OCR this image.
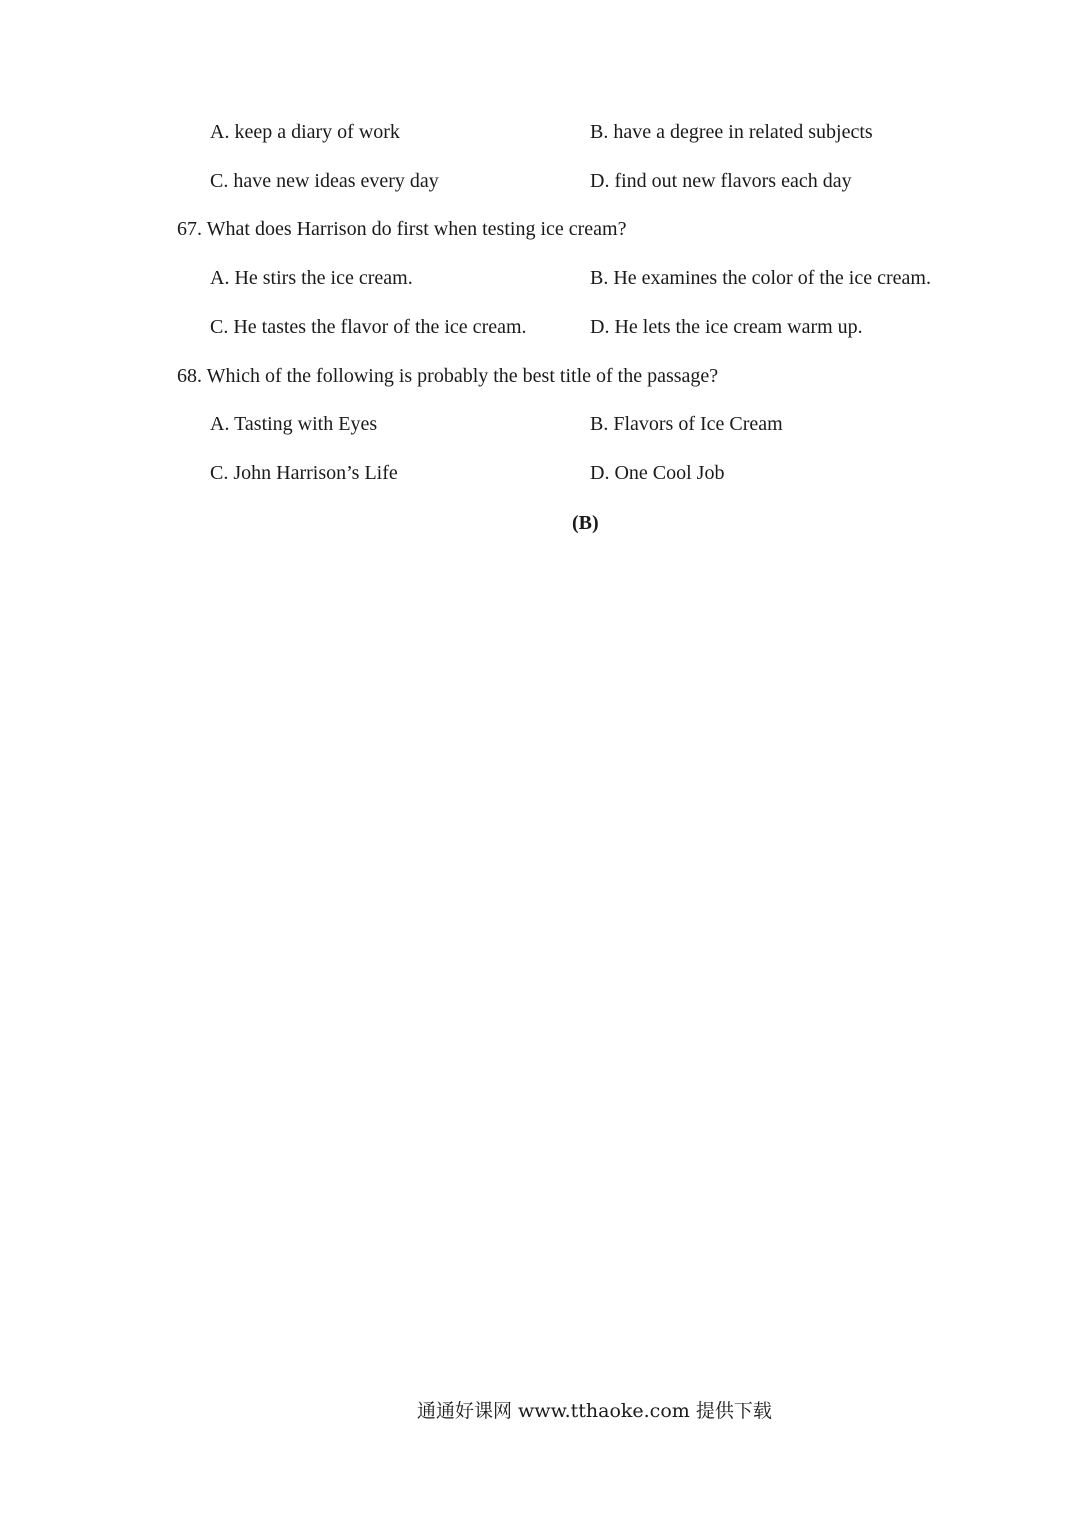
A. keep a diary of work	B. have a degree in related subjects
C. have new ideas every day	D. find out new flavors each day
67. What does Harrison do first when testing ice cream?
A. He stirs the ice cream.	B. He examines the color of the ice cream.
C. He tastes the flavor of the ice cream.	D. He lets the ice cream warm up.
68. Which of the following is probably the best title of the passage?
A. Tasting with Eyes	B. Flavors of Ice Cream
C. John Harrison’s Life	D. One Cool Job
(B)
通通好课网 www.tthaoke.com 提供下载
